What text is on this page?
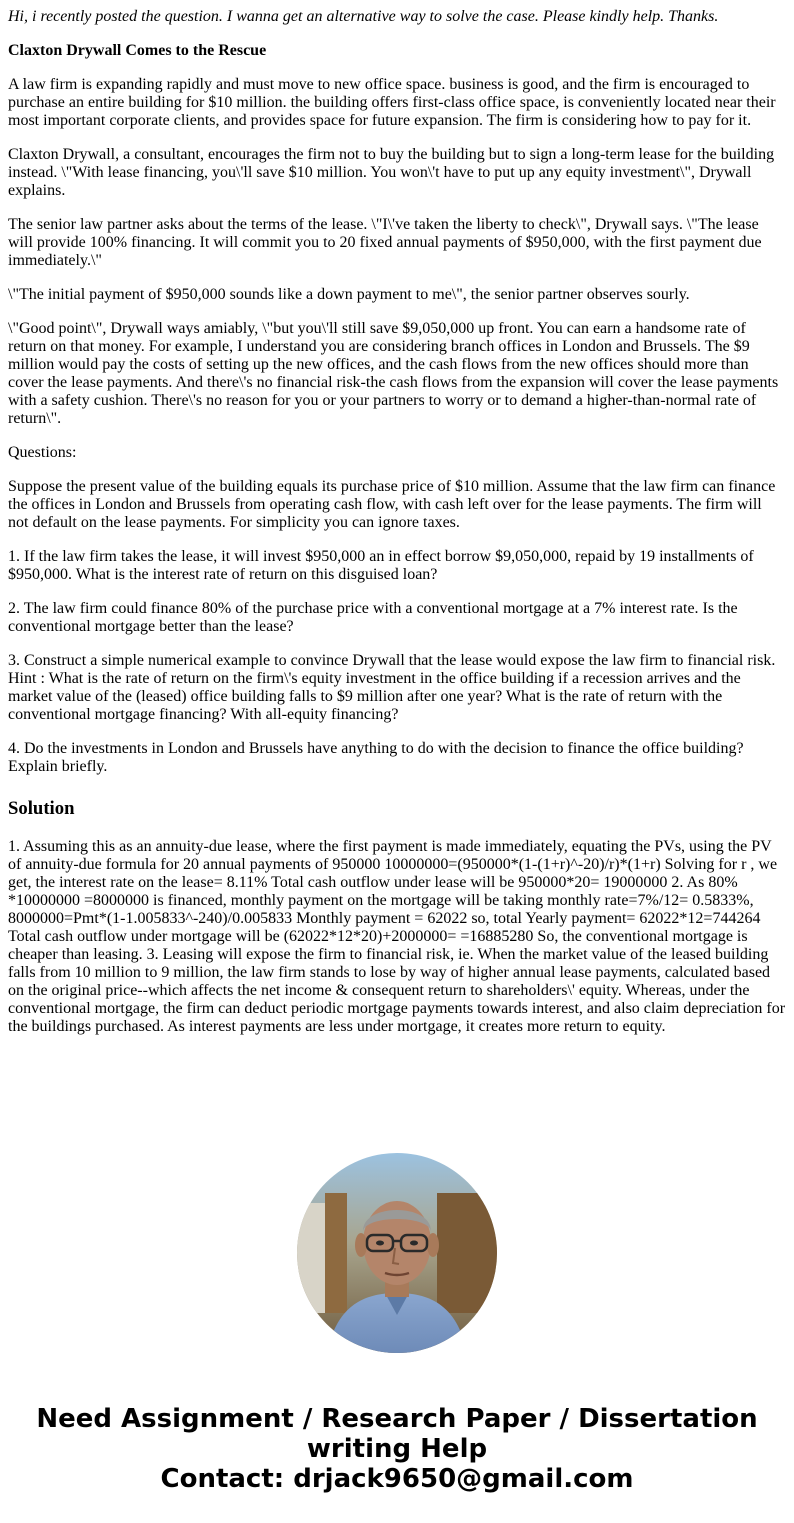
Hi, i recently posted the question. I wanna get an alternative way to solve the case. Please kindly help. Thanks.

Claxton Drywall Comes to the Rescue

A law firm is expanding rapidly and must move to new office space. business is good, and the firm is encouraged to purchase an entire building for $10 million. the building offers first-class office space, is conveniently located near their most important corporate clients, and provides space for future expansion. The firm is considering how to pay for it.

Claxton Drywall, a consultant, encourages the firm not to buy the building but to sign a long-term lease for the building instead. \"With lease financing, you\'ll save $10 million. You won\'t have to put up any equity investment\", Drywall explains.

The senior law partner asks about the terms of the lease. \"I\'ve taken the liberty to check\", Drywall says. \"The lease will provide 100% financing. It will commit you to 20 fixed annual payments of $950,000, with the first payment due immediately.\"

\"The initial payment of $950,000 sounds like a down payment to me\", the senior partner observes sourly.

\"Good point\", Drywall ways amiably, \"but you\'ll still save $9,050,000 up front. You can earn a handsome rate of return on that money. For example, I understand you are considering branch offices in London and Brussels. The $9 million would pay the costs of setting up the new offices, and the cash flows from the new offices should more than cover the lease payments. And there\'s no financial risk-the cash flows from the expansion will cover the lease payments with a safety cushion. There\'s no reason for you or your partners to worry or to demand a higher-than-normal rate of return\".

Questions:

Suppose the present value of the building equals its purchase price of $10 million. Assume that the law firm can finance the offices in London and Brussels from operating cash flow, with cash left over for the lease payments. The firm will not default on the lease payments. For simplicity you can ignore taxes.

1. If the law firm takes the lease, it will invest $950,000 an in effect borrow $9,050,000, repaid by 19 installments of $950,000. What is the interest rate of return on this disguised loan?

2. The law firm could finance 80% of the purchase price with a conventional mortgage at a 7% interest rate. Is the conventional mortgage better than the lease?

3. Construct a simple numerical example to convince Drywall that the lease would expose the law firm to financial risk. Hint : What is the rate of return on the firm\'s equity investment in the office building if a recession arrives and the market value of the (leased) office building falls to $9 million after one year? What is the rate of return with the conventional mortgage financing? With all-equity financing?

4. Do the investments in London and Brussels have anything to do with the decision to finance the office building? Explain briefly.

Solution

1. Assuming this as an annuity-due lease, where the first payment is made immediately, equating the PVs, using the PV of annuity-due formula for 20 annual payments of 950000 10000000=(950000*(1-(1+r)^-20)/r)*(1+r) Solving for r , we get, the interest rate on the lease= 8.11% Total cash outflow under lease will be 950000*20= 19000000 2. As 80% *10000000 =8000000 is financed, monthly payment on the mortgage will be taking monthly rate=7%/12= 0.5833%, 8000000=Pmt*(1-1.005833^-240)/0.005833 Monthly payment = 62022 so, total Yearly payment= 62022*12=744264 Total cash outflow under mortgage will be (62022*12*20)+2000000= =16885280 So, the conventional mortgage is cheaper than leasing. 3. Leasing will expose the firm to financial risk, ie. When the market value of the leased building falls from 10 million to 9 million, the law firm stands to lose by way of higher annual lease payments, calculated based on the original price--which affects the net income & consequent return to shareholders\' equity. Whereas, under the conventional mortgage, the firm can deduct periodic mortgage payments towards interest, and also claim depreciation for the buildings purchased. As interest payments are less under mortgage, it creates more return to equity.

Need Assignment / Research Paper / Dissertation
writing Help
Contact: drjack9650@gmail.com
